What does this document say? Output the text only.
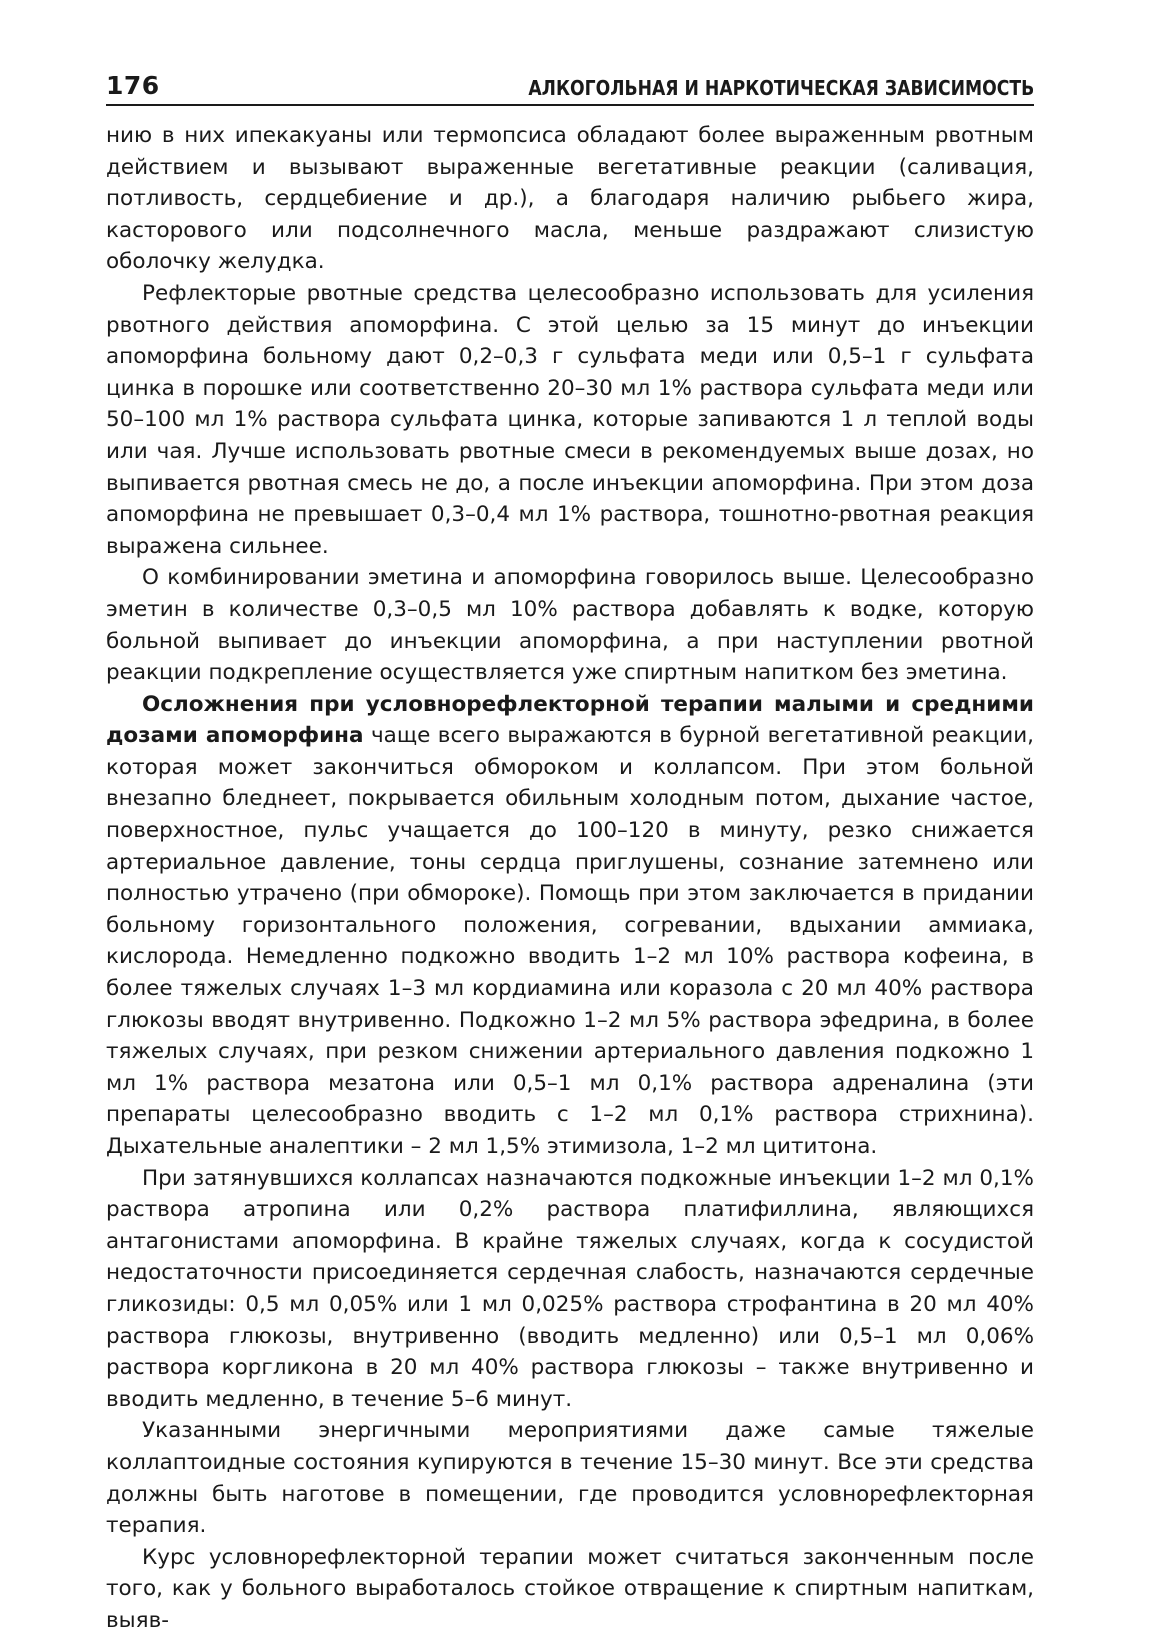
176	АЛКОГОЛЬНАЯ И НАРКОТИЧЕСКАЯ ЗАВИСИМОСТЬ

нию в них ипекакуаны или термопсиса обладают более выраженным рвотным действием и вызывают выраженные вегетативные реакции (саливация, потливость, сердцебиение и др.), а благодаря наличию рыбьего жира, касторового или подсолнечного масла, меньше раздражают слизистую оболочку желудка.

Рефлекторые рвотные средства целесообразно использовать для усиления рвотного действия апоморфина. С этой целью за 15 минут до инъекции апоморфина больному дают 0,2–0,3 г сульфата меди или 0,5–1 г сульфата цинка в порошке или соответственно 20–30 мл 1% раствора сульфата меди или 50–100 мл 1% раствора сульфата цинка, которые запиваются 1 л теплой воды или чая. Лучше использовать рвотные смеси в рекомендуемых выше дозах, но выпивается рвотная смесь не до, а после инъекции апоморфина. При этом доза апоморфина не превышает 0,3–0,4 мл 1% раствора, тошнотно-рвотная реакция выражена сильнее.

О комбинировании эметина и апоморфина говорилось выше. Целесообразно эметин в количестве 0,3–0,5 мл 10% раствора добавлять к водке, которую больной выпивает до инъекции апоморфина, а при наступлении рвотной реакции подкрепление осуществляется уже спиртным напитком без эметина.

Осложнения при условнорефлекторной терапии малыми и средними дозами апоморфина чаще всего выражаются в бурной вегетативной реакции, которая может закончиться обмороком и коллапсом. При этом больной внезапно бледнеет, покрывается обильным холодным потом, дыхание частое, поверхностное, пульс учащается до 100–120 в минуту, резко снижается артериальное давление, тоны сердца приглушены, сознание затемнено или полностью утрачено (при обмороке). Помощь при этом заключается в придании больному горизонтального положения, согревании, вдыхании аммиака, кислорода. Немедленно подкожно вводить 1–2 мл 10% раствора кофеина, в более тяжелых случаях 1–3 мл кордиамина или коразола с 20 мл 40% раствора глюкозы вводят внутривенно. Подкожно 1–2 мл 5% раствора эфедрина, в более тяжелых случаях, при резком снижении артериального давления подкожно 1 мл 1% раствора мезатона или 0,5–1 мл 0,1% раствора адреналина (эти препараты целесообразно вводить с 1–2 мл 0,1% раствора стрихнина). Дыхательные аналептики – 2 мл 1,5% этимизола, 1–2 мл цититона.

При затянувшихся коллапсах назначаются подкожные инъекции 1–2 мл 0,1% раствора атропина или 0,2% раствора платифиллина, являющихся антагонистами апоморфина. В крайне тяжелых случаях, когда к сосудистой недостаточности присоединяется сердечная слабость, назначаются сердечные гликозиды: 0,5 мл 0,05% или 1 мл 0,025% раствора строфантина в 20 мл 40% раствора глюкозы, внутривенно (вводить медленно) или 0,5–1 мл 0,06% раствора коргликона в 20 мл 40% раствора глюкозы – также внутривенно и вводить медленно, в течение 5–6 минут.

Указанными энергичными мероприятиями даже самые тяжелые коллаптоидные состояния купируются в течение 15–30 минут. Все эти средства должны быть наготове в помещении, где проводится условнорефлекторная терапия.

Курс условнорефлекторной терапии может считаться законченным после того, как у больного выработалось стойкое отвращение к спиртным напиткам, выяв-
